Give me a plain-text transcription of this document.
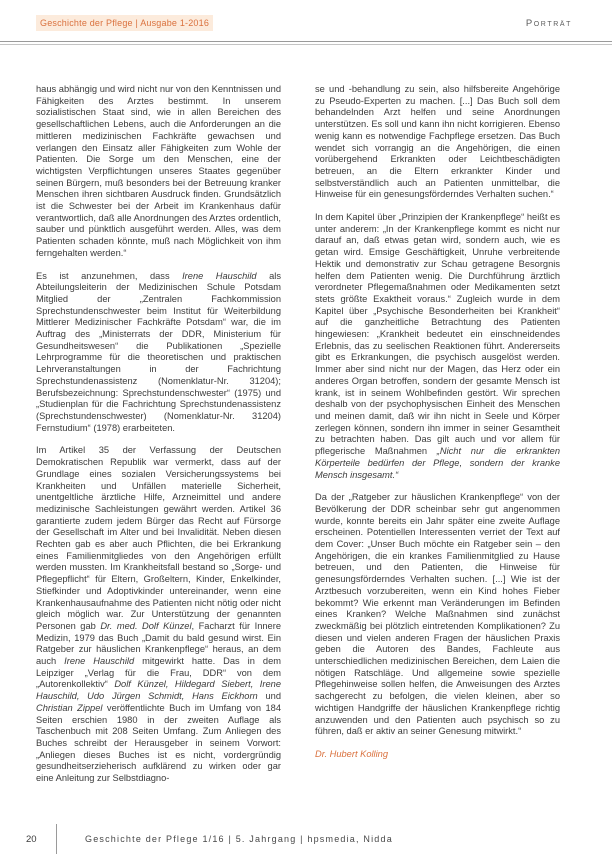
Geschichte der Pflege | Ausgabe 1-2016	Porträt

haus abhängig und wird nicht nur von den Kenntnissen und Fähigkeiten des Arztes bestimmt. In unserem sozialistischen Staat sind, wie in allen Bereichen des gesellschaftlichen Lebens, auch die Anforderungen an die mittleren medizinischen Fachkräfte gewachsen und verlangen den Einsatz aller Fähigkeiten zum Wohle der Patienten. Die Sorge um den Menschen, eine der wichtigsten Verpflichtungen unseres Staates gegenüber seinen Bürgern, muß besonders bei der Betreuung kranker Menschen ihren sichtbaren Ausdruck finden. Grundsätzlich ist die Schwester bei der Arbeit im Krankenhaus dafür verantwortlich, daß alle Anordnungen des Arztes ordentlich, sauber und pünktlich ausgeführt werden. Alles, was dem Patienten schaden könnte, muß nach Möglichkeit von ihm ferngehalten werden.“

Es ist anzunehmen, dass Irene Hauschild als Abteilungsleiterin der Medizinischen Schule Potsdam Mitglied der „Zentralen Fachkommission Sprechstundenschwester beim Institut für Weiterbildung Mittlerer Medizinischer Fachkräfte Potsdam“ war, die im Auftrag des „Ministerrats der DDR, Ministerium für Gesundheitswesen“ die Publikationen „Spezielle Lehrprogramme für die theoretischen und praktischen Lehrveranstaltungen in der Fachrichtung Sprechstundenassistenz (Nomenklatur-Nr. 31204); Berufsbezeichnung: Sprechstundenschwester“ (1975) und „Studienplan für die Fachrichtung Sprechstundenassistenz (Sprechstundenschwester) (Nomenklatur-Nr. 31204) Fernstudium“ (1978) erarbeiteten.

Im Artikel 35 der Verfassung der Deutschen Demokratischen Republik war vermerkt, dass auf der Grundlage eines sozialen Versicherungssystems bei Krankheiten und Unfällen materielle Sicherheit, unentgeltliche ärztliche Hilfe, Arzneimittel und andere medizinische Sachleistungen gewährt werden. Artikel 36 garantierte zudem jedem Bürger das Recht auf Fürsorge der Gesellschaft im Alter und bei Invalidität. Neben diesen Rechten gab es aber auch Pflichten, die bei Erkrankung eines Familienmitgliedes von den Angehörigen erfüllt werden mussten. Im Krankheitsfall bestand so „Sorge- und Pflegepflicht“ für Eltern, Großeltern, Kinder, Enkelkinder, Stiefkinder und Adoptivkinder untereinander, wenn eine Krankenhausaufnahme des Patienten nicht nötig oder nicht gleich möglich war. Zur Unterstützung der genannten Personen gab Dr. med. Dolf Künzel, Facharzt für Innere Medizin, 1979 das Buch „Damit du bald gesund wirst. Ein Ratgeber zur häuslichen Krankenpflege“ heraus, an dem auch Irene Hauschild mitgewirkt hatte. Das in dem Leipziger „Verlag für die Frau, DDR“ von dem „Autorenkollektiv“ Dolf Künzel, Hildegard Siebert, Irene Hauschild, Udo Jürgen Schmidt, Hans Eickhorn und Christian Zippel veröffentlichte Buch im Umfang von 184 Seiten erschien 1980 in der zweiten Auflage als Taschenbuch mit 208 Seiten Umfang. Zum Anliegen des Buches schreibt der Herausgeber in seinem Vorwort: „Anliegen dieses Buches ist es nicht, vordergründig gesundheitserzieherisch aufklärend zu wirken oder gar eine Anleitung zur Selbstdiagno-

se und -behandlung zu sein, also hilfsbereite Angehörige zu Pseudo-Experten zu machen. [...] Das Buch soll dem behandelnden Arzt helfen und seine Anordnungen unterstützen. Es soll und kann ihn nicht korrigieren. Ebenso wenig kann es notwendige Fachpflege ersetzen. Das Buch wendet sich vorrangig an die Angehörigen, die einen vorübergehend Erkrankten oder Leichtbeschädigten betreuen, an die Eltern erkrankter Kinder und selbstverständlich auch an Patienten unmittelbar, die Hinweise für ein genesungsförderndes Verhalten suchen.“

In dem Kapitel über „Prinzipien der Krankenpflege“ heißt es unter anderem: „In der Krankenpflege kommt es nicht nur darauf an, daß etwas getan wird, sondern auch, wie es getan wird. Emsige Geschäftigkeit, Unruhe verbreitende Hektik und demonstrativ zur Schau getragene Besorgnis helfen dem Patienten wenig. Die Durchführung ärztlich verordneter Pflegemaßnahmen oder Medikamenten setzt stets größte Exaktheit voraus.“ Zugleich wurde in dem Kapitel über „Psychische Besonderheiten bei Krankheit“ auf die ganzheitliche Betrachtung des Patienten hingewiesen: „Krankheit bedeutet ein einschneidendes Erlebnis, das zu seelischen Reaktionen führt. Andererseits gibt es Erkrankungen, die psychisch ausgelöst werden. Immer aber sind nicht nur der Magen, das Herz oder ein anderes Organ betroffen, sondern der gesamte Mensch ist krank, ist in seinem Wohlbefinden gestört. Wir sprechen deshalb von der psychophysischen Einheit des Menschen und meinen damit, daß wir ihn nicht in Seele und Körper zerlegen können, sondern ihn immer in seiner Gesamtheit zu betrachten haben. Das gilt auch und vor allem für pflegerische Maßnahmen „Nicht nur die erkrankten Körperteile bedürfen der Pflege, sondern der kranke Mensch insgesamt.“

Da der „Ratgeber zur häuslichen Krankenpflege“ von der Bevölkerung der DDR scheinbar sehr gut angenommen wurde, konnte bereits ein Jahr später eine zweite Auflage erscheinen. Potentiellen Interessenten verriet der Text auf dem Cover: „Unser Buch möchte ein Ratgeber sein – den Angehörigen, die ein krankes Familienmitglied zu Hause betreuen, und den Patienten, die Hinweise für genesungsförderndes Verhalten suchen. [...] Wie ist der Arztbesuch vorzubereiten, wenn ein Kind hohes Fieber bekommt? Wie erkennt man Veränderungen im Befinden eines Kranken? Welche Maßnahmen sind zunächst zweckmäßig bei plötzlich eintretenden Komplikationen? Zu diesen und vielen anderen Fragen der häuslichen Praxis geben die Autoren des Bandes, Fachleute aus unterschiedlichen medizinischen Bereichen, dem Laien die nötigen Ratschläge. Und allgemeine sowie spezielle Pflegehinweise sollen helfen, die Anweisungen des Arztes sachgerecht zu befolgen, die vielen kleinen, aber so wichtigen Handgriffe der häuslichen Krankenpflege richtig anzuwenden und den Patienten auch psychisch so zu führen, daß er aktiv an seiner Genesung mitwirkt.“

Dr. Hubert Kolling
20	Geschichte der Pflege 1/16 | 5. Jahrgang | hpsmedia, Nidda
